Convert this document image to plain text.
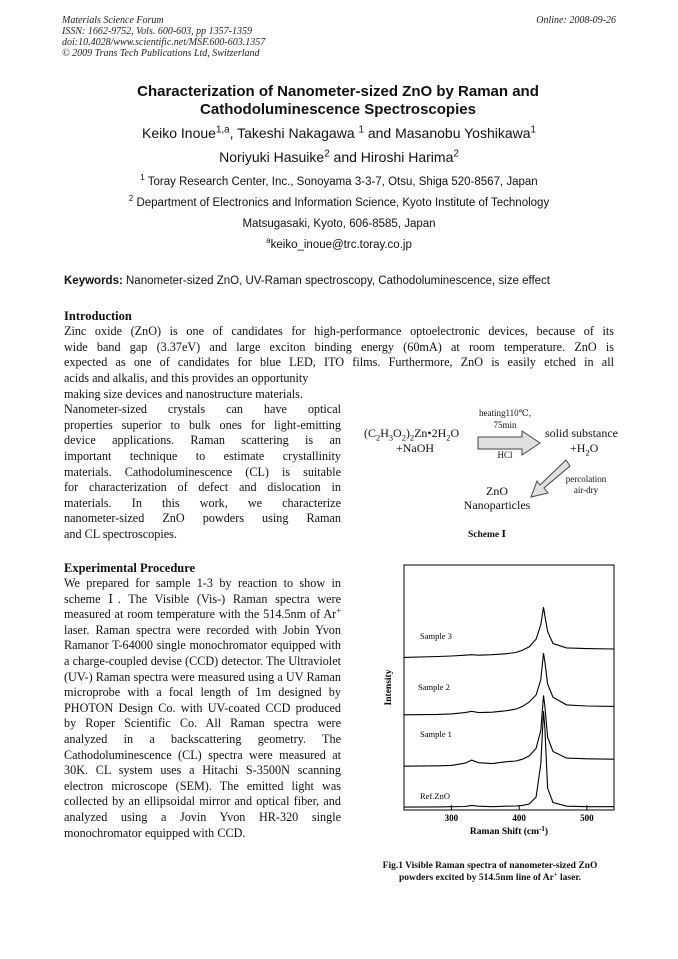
Materials Science Forum
ISSN: 1662-9752, Vols. 600-603, pp 1357-1359
doi:10.4028/www.scientific.net/MSF.600-603.1357
© 2009 Trans Tech Publications Ltd, Switzerland
Online: 2008-09-26
Characterization of Nanometer-sized ZnO by Raman and
Cathodoluminescence Spectroscopies
Keiko Inoue$^{1,a}$, Takeshi Nakagawa $^1$ and Masanobu Yoshikawa$^1$
Noriyuki Hasuike$^2$ and Hiroshi Harima$^2$
$^1$ Toray Research Center, Inc., Sonoyama 3-3-7, Otsu, Shiga 520-8567, Japan
$^2$ Department of Electronics and Information Science, Kyoto Institute of Technology
Matsugasaki, Kyoto, 606-8585, Japan
$^a$keiko_inoue@trc.toray.co.jp
Keywords: Nanometer-sized ZnO, UV-Raman spectroscopy, Cathodoluminescence, size effect
Introduction
Zinc oxide (ZnO) is one of candidates for high-performance optoelectronic devices, because of its
wide band gap (3.37eV) and large exciton binding energy (60mA) at room temperature. ZnO is
expected as one of candidates for blue LED, ITO films. Furthermore, ZnO is easily etched in all
acids and alkalis, and this provides an opportunity
making size devices and nanostructure materials.
Nanometer-sized crystals can have optical
properties superior to bulk ones for light-emitting
device applications. Raman scattering is an
important technique to estimate crystallinity
materials. Cathodoluminescence (CL) is suitable
for characterization of defect and dislocation in
materials. In this work, we characterize
nanometer-sized ZnO powders using Raman
and CL spectroscopies.
$(C_2H_3O_2)_2Zn•2H_2O$
+NaOH
heating110℃,
75min
HCl
solid substance
$+H_2O$
percolation
air-dry
ZnO
Nanoparticles
Scheme Ⅰ
Experimental Procedure
We prepared for sample 1-3 by reaction to show in scheme Ⅰ. The Visible (Vis-) Raman spectra were measured at room temperature with the 514.5nm of Ar+ laser. Raman spectra were recorded with Jobin Yvon Ramanor T-64000 single monochromator equipped with a charge-coupled devise (CCD) detector. The Ultraviolet (UV-) Raman spectra were measured using a UV Raman microprobe with a focal length of 1m designed by PHOTON Design Co. with UV-coated CCD produced by Roper Scientific Co. All Raman spectra were analyzed in a backscattering geometry. The Cathodoluminescence (CL) spectra were measured at 30K. CL system uses a Hitachi S-3500N scanning electron microscope (SEM). The emitted light was collected by an ellipsoidal mirror and optical fiber, and analyzed using a Jovin Yvon HR-320 single monochromator equipped with CCD.
300	400	500
Raman Shift $(cm^{-1})$
Intensity
Sample 3
Sample 2
Sample 1
Ref.ZnO
Fig.1 Visible Raman spectra of nanometer-sized ZnO
powders excited by 514.5nm line of Ar+ laser.
